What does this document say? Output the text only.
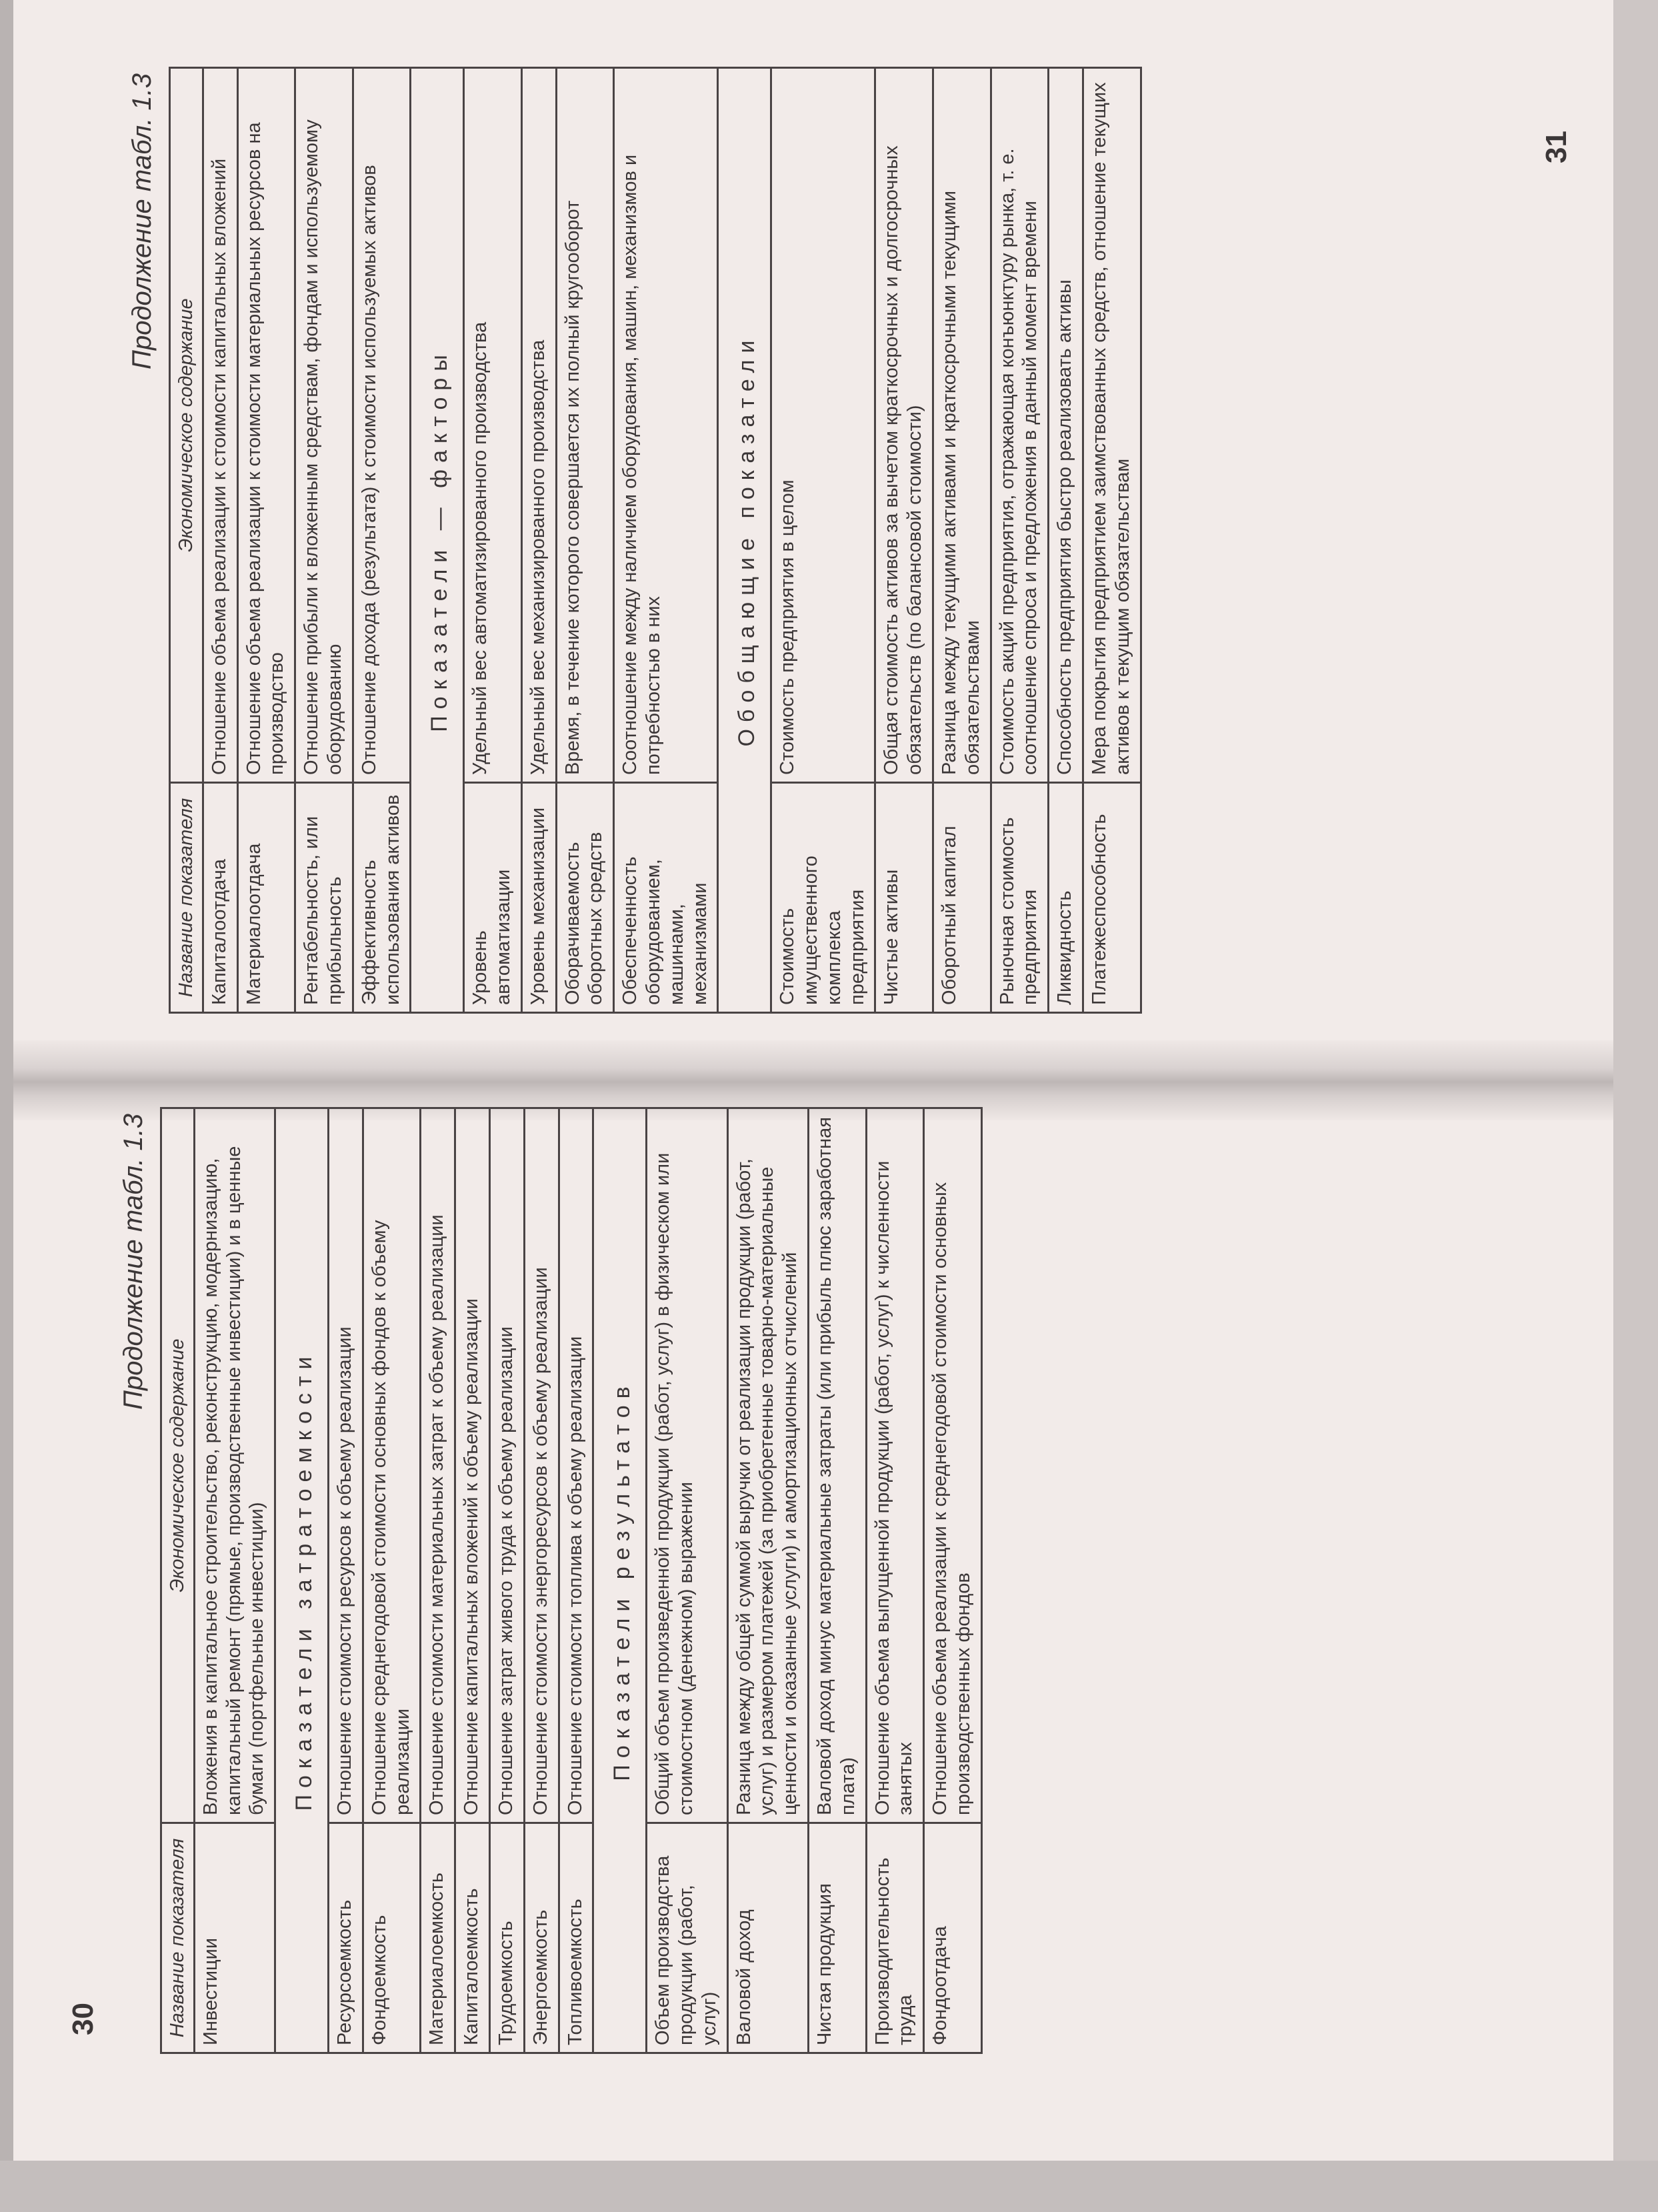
Продолжение табл. 1.3
Название показателя	Экономическое содержание
Капиталоотдача	Отношение объема реализации к стоимости капитальных вложений
Материалоотдача	Отношение объема реализации к стоимости материальных ресурсов на производство
Рентабельность, или прибыльность	Отношение прибыли к вложенным средствам, фондам и используемому оборудованию
Эффективность использования активов	Отношение дохода (результата) к стоимости используемых активов
Показатели — факторы	
Уровень автоматизации	Удельный вес автоматизированного производства
Уровень механизации	Удельный вес механизированного производства
Оборачиваемость оборотных средств	Время, в течение которого совершается их полный кругооборот
Обеспеченность оборудованием, машинами, механизмами	Соотношение между наличием оборудования, машин, механизмов и потребностью в них
Обобщающие показатели	
Стоимость имущественного комплекса предприятия	Стоимость предприятия в целом
Чистые активы	Общая стоимость активов за вычетом краткосрочных и долгосрочных обязательств (по балансовой стоимости)
Оборотный капитал	Разница между текущими активами и краткосрочными текущими обязательствами
Рыночная стоимость предприятия	Стоимость акций предприятия, отражающая конъюнктуру рынка, т. е. соотношение спроса и предложения в данный момент времени
Ликвидность	Способность предприятия быстро реализовать активы
Платежеспособность	Мера покрытия предприятием заимствованных средств, отношение текущих активов к текущим обязательствам
31
Продолжение табл. 1.3
Название показателя	Экономическое содержание
Инвестиции	Вложения в капитальное строительство, реконструкцию, модернизацию, капитальный ремонт (прямые, производственные инвестиции) и в ценные бумаги (портфельные инвестиции)
Показатели затратоемкости	
Ресурсоемкость	Отношение стоимости ресурсов к объему реализации
Фондоемкость	Отношение среднегодовой стоимости основных фондов к объему реализации
Материалоемкость	Отношение стоимости материальных затрат к объему реализации
Капиталоемкость	Отношение капитальных вложений к объему реализации
Трудоемкость	Отношение затрат живого труда к объему реализации
Энергоемкость	Отношение стоимости энергоресурсов к объему реализации
Топливоемкость	Отношение стоимости топлива к объему реализации
Показатели результатов	
Объем производства продукции (работ, услуг)	Общий объем произведенной продукции (работ, услуг) в физическом или стоимостном (денежном) выражении
Валовой доход	Разница между общей суммой выручки от реализации продукции (работ, услуг) и размером платежей (за приобретенные товарно-материальные ценности и оказанные услуги) и амортизационных отчислений
Чистая продукция	Валовой доход минус материальные затраты (или прибыль плюс заработная плата)
Производительность труда	Отношение объема выпущенной продукции (работ, услуг) к численности занятых
Фондоотдача	Отношение объема реализации к среднегодовой стоимости основных производственных фондов
30
